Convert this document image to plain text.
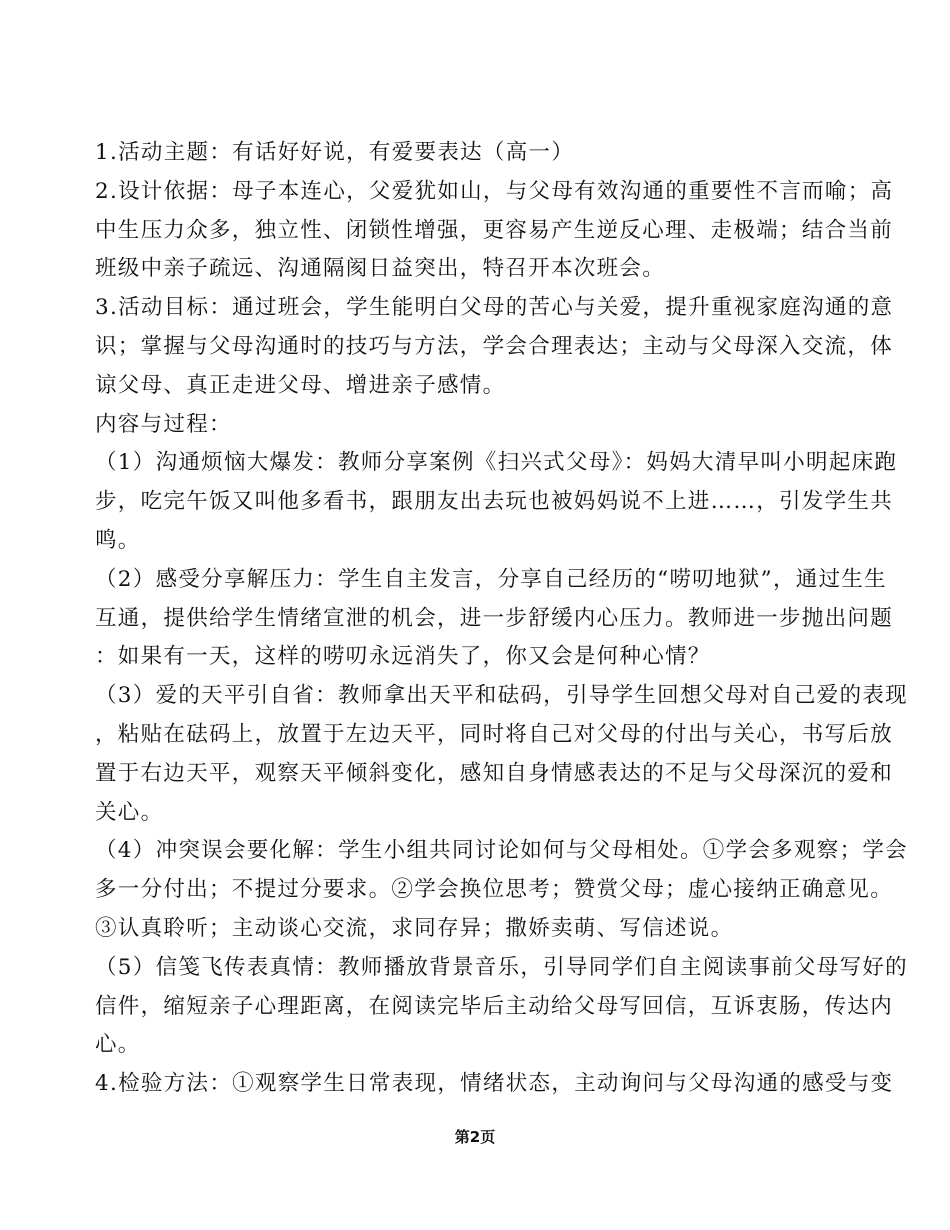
1.活动主题：有话好好说，有爱要表达（高一）
2.设计依据：母子本连心，父爱犹如山，与父母有效沟通的重要性不言而喻；高
中生压力众多，独立性、闭锁性增强，更容易产生逆反心理、走极端；结合当前
班级中亲子疏远、沟通隔阂日益突出，特召开本次班会。
3.活动目标：通过班会，学生能明白父母的苦心与关爱，提升重视家庭沟通的意
识；掌握与父母沟通时的技巧与方法，学会合理表达；主动与父母深入交流，体
谅父母、真正走进父母、增进亲子感情。
内容与过程：
（1）沟通烦恼大爆发：教师分享案例《扫兴式父母》：妈妈大清早叫小明起床跑
步，吃完午饭又叫他多看书，跟朋友出去玩也被妈妈说不上进……，引发学生共
鸣。
（2）感受分享解压力：学生自主发言，分享自己经历的“唠叨地狱”，通过生生
互通，提供给学生情绪宣泄的机会，进一步舒缓内心压力。教师进一步抛出问题
：如果有一天，这样的唠叨永远消失了，你又会是何种心情？
（3）爱的天平引自省：教师拿出天平和砝码，引导学生回想父母对自己爱的表现
，粘贴在砝码上，放置于左边天平，同时将自己对父母的付出与关心，书写后放
置于右边天平，观察天平倾斜变化，感知自身情感表达的不足与父母深沉的爱和
关心。
（4）冲突误会要化解：学生小组共同讨论如何与父母相处。①学会多观察；学会
多一分付出；不提过分要求。②学会换位思考；赞赏父母；虚心接纳正确意见。
③认真聆听；主动谈心交流，求同存异；撒娇卖萌、写信述说。
（5）信笺飞传表真情：教师播放背景音乐，引导同学们自主阅读事前父母写好的
信件，缩短亲子心理距离，在阅读完毕后主动给父母写回信，互诉衷肠，传达内
心。
4.检验方法：①观察学生日常表现，情绪状态，主动询问与父母沟通的感受与变
第2页
